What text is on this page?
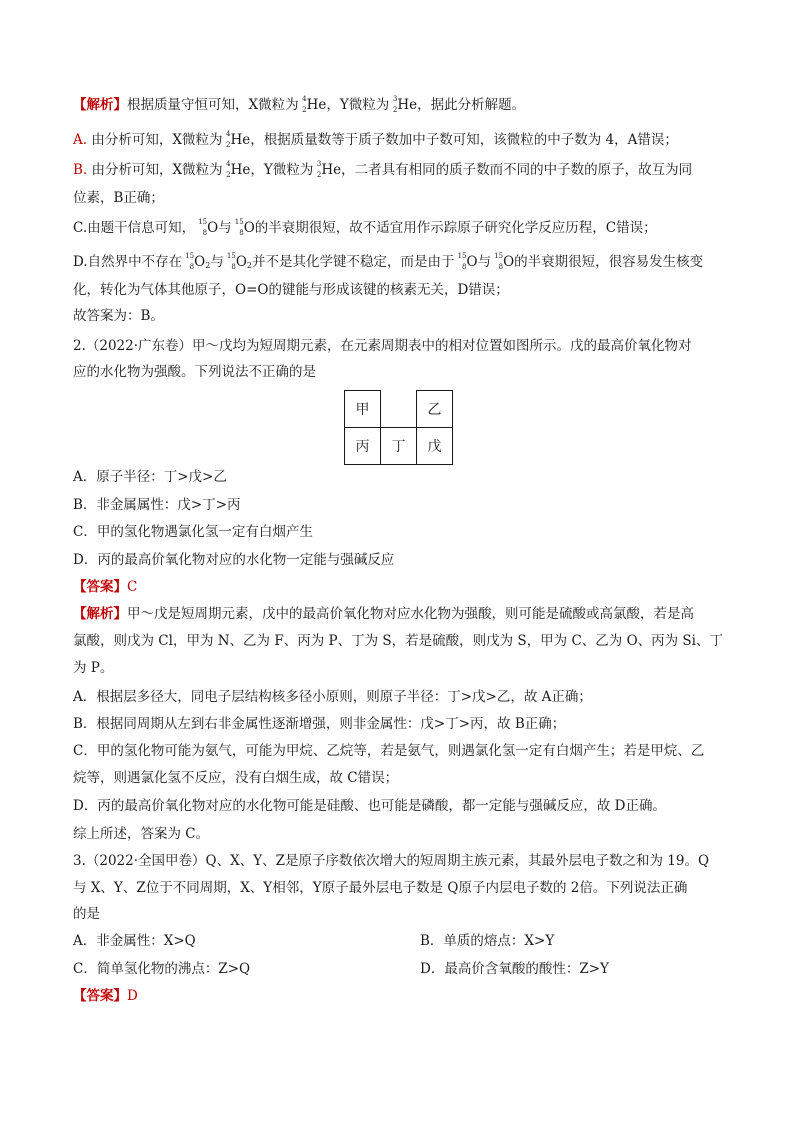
【解析】根据质量守恒可知，X微粒为 4
2 He，Y微粒为 3
2 He，据此分析解题。
A. 由分析可知，X微粒为 4
2 He，根据质量数等于质子数加中子数可知，该微粒的中子数为 4，A错误；
B. 由分析可知，X微粒为 4
2 He，Y微粒为 3
2 He，二者具有相同的质子数而不同的中子数的原子，故互为同
位素，B正确；
C.由题干信息可知， 15
8 O与 15
8 O的半衰期很短，故不适宜用作示踪原子研究化学反应历程，C错误；
D.自然界中不存在 15
8 O2与 15
8 O2并不是其化学键不稳定，而是由于 15
8 O与 15
8 O的半衰期很短，很容易发生核变
化，转化为气体其他原子，O=O的键能与形成该键的核素无关，D错误；
故答案为：B。
2.（2022·广东卷）甲～戊均为短周期元素，在元素周期表中的相对位置如图所示。戊的最高价氧化物对
应的水化物为强酸。下列说法不正确的是
甲		乙
丙	丁	戊
A．原子半径：丁>戊>乙
B．非金属属性：戊>丁>丙
C．甲的氢化物遇氯化氢一定有白烟产生
D．丙的最高价氧化物对应的水化物一定能与强碱反应
【答案】C
【解析】甲～戊是短周期元素，戊中的最高价氧化物对应水化物为强酸，则可能是硫酸或高氯酸，若是高
氯酸，则戊为 Cl，甲为 N、乙为 F、丙为 P、丁为 S，若是硫酸，则戊为 S，甲为 C、乙为 O、丙为 Si、丁
为 P。
A．根据层多径大，同电子层结构核多径小原则，则原子半径：丁>戊>乙，故 A正确；
B．根据同周期从左到右非金属性逐渐增强，则非金属性：戊>丁>丙，故 B正确；
C．甲的氢化物可能为氨气，可能为甲烷、乙烷等，若是氨气，则遇氯化氢一定有白烟产生；若是甲烷、乙
烷等，则遇氯化氢不反应，没有白烟生成，故 C错误；
D．丙的最高价氧化物对应的水化物可能是硅酸、也可能是磷酸，都一定能与强碱反应，故 D正确。
综上所述，答案为 C。
3.（2022·全国甲卷）Q、X、Y、Z是原子序数依次增大的短周期主族元素，其最外层电子数之和为 19。Q
与 X、Y、Z位于不同周期，X、Y相邻，Y原子最外层电子数是 Q原子内层电子数的 2倍。下列说法正确
的是
A．非金属性：X>Q	B．单质的熔点：X>Y
C．简单氢化物的沸点：Z>Q	D．最高价含氧酸的酸性：Z>Y
【答案】D
